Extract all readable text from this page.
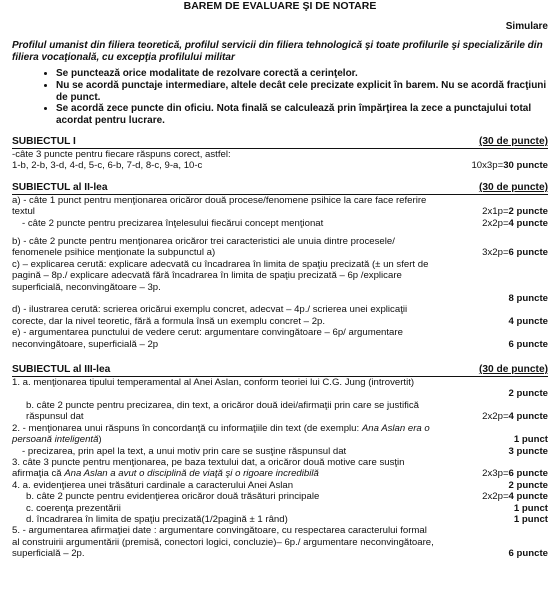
BAREM DE EVALUARE ŞI DE NOTARE
Simulare
Profilul umanist din filiera teoretică, profilul servicii din filiera tehnologică şi toate profilurile şi specializările din filiera vocaţională, cu excepţia profilului militar
• Se punctează orice modalitate de rezolvare corectă a cerinţelor.
• Nu se acordă punctaje intermediare, altele decât cele precizate explicit în barem. Nu se acordă fracţiuni de punct.
• Se acordă zece puncte din oficiu. Nota finală se calculează prin împărţirea la zece a punctajului total acordat pentru lucrare.
SUBIECTUL I	(30 de puncte)
-câte 3 puncte pentru fiecare răspuns corect, astfel:
1-b, 2-b, 3-d, 4-d, 5-c, 6-b, 7-d, 8-c, 9-a, 10-c	10x3p=30 puncte
SUBIECTUL al II-lea	(30 de puncte)
a) - câte 1 punct pentru menţionarea oricăror două procese/fenomene psihice la care face referire
textul	2x1p=2 puncte
- câte 2 puncte pentru precizarea înţelesului fiecărui concept menţionat	2x2p=4 puncte
b) - câte 2 puncte pentru menţionarea oricăror trei caracteristici ale unuia dintre procesele/
fenomenele psihice menţionate la subpunctul a)	3x2p=6 puncte
c) – explicarea cerută: explicare adecvată cu încadrarea în limita de spaţiu precizată (± un sfert de
pagină – 8p./ explicare adecvată fără încadrarea în limita de spaţiu precizată – 6p /explicare
superficială, neconvingătoare – 3p.
8 puncte
d) - ilustrarea cerută: scrierea oricărui exemplu concret, adecvat – 4p./ scrierea unei explicaţii
corecte, dar la nivel teoretic, fără a formula însă un exemplu concret – 2p.	4 puncte
e) - argumentarea punctului de vedere cerut: argumentare convingătoare – 6p/ argumentare
neconvingătoare, superficială – 2p	6 puncte
SUBIECTUL al III-lea	(30 de puncte)
1. a. menţionarea tipului temperamental al Anei Aslan, conform teoriei lui C.G. Jung (introvertit)
2 puncte
b. câte 2 puncte pentru precizarea, din text, a oricăror două idei/afirmaţii prin care se justifică
răspunsul dat	2x2p=4 puncte
2. - menţionarea unui răspuns în concordanţă cu informaţiile din text (de exemplu: Ana Aslan era o
persoană inteligentă)	1 punct
- precizarea, prin apel la text, a unui motiv prin care se susţine răspunsul dat	3 puncte
3. câte 3 puncte pentru menţionarea, pe baza textului dat, a oricăror două motive care susţin
afirmaţia că Ana Aslan a avut o disciplină de viaţă şi o rigoare incredibilă	2x3p=6 puncte
4. a. evidenţierea unei trăsături cardinale a caracterului Anei Aslan	2 puncte
b. câte 2 puncte pentru evidenţierea oricăror două trăsături principale	2x2p=4 puncte
c. coerenţa prezentării	1 punct
d. încadrarea în limita de spaţiu precizată(1/2pagină ± 1 rând)	1 punct
5. - argumentarea afirmaţiei date : argumentare convingătoare, cu respectarea caracterului formal
al construirii argumentării (premisă, conectori logici, concluzie)– 6p./ argumentare neconvingătoare,
superficială – 2p.	6 puncte
